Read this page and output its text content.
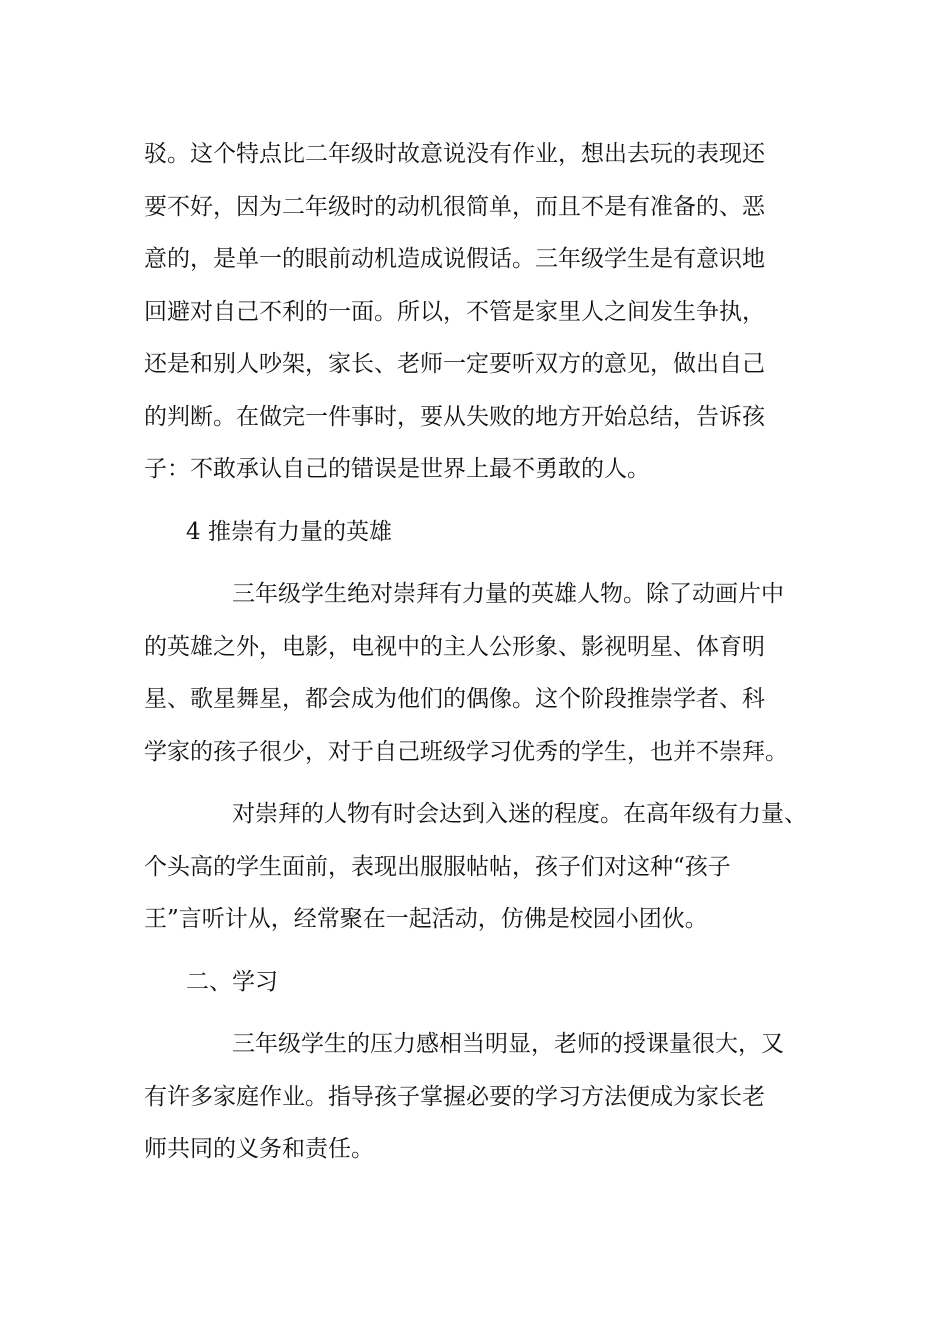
驳。这个特点比二年级时故意说没有作业，想出去玩的表现还
要不好，因为二年级时的动机很简单，而且不是有准备的、恶
意的，是单一的眼前动机造成说假话。三年级学生是有意识地
回避对自己不利的一面。所以，不管是家里人之间发生争执，
还是和别人吵架，家长、老师一定要听双方的意见，做出自己
的判断。在做完一件事时，要从失败的地方开始总结，告诉孩
子：不敢承认自己的错误是世界上最不勇敢的人。
4 推崇有力量的英雄
三年级学生绝对崇拜有力量的英雄人物。除了动画片中
的英雄之外，电影，电视中的主人公形象、影视明星、体育明
星、歌星舞星，都会成为他们的偶像。这个阶段推崇学者、科
学家的孩子很少，对于自己班级学习优秀的学生，也并不崇拜。
对崇拜的人物有时会达到入迷的程度。在高年级有力量、
个头高的学生面前，表现出服服帖帖，孩子们对这种“孩子
王”言听计从，经常聚在一起活动，仿佛是校园小团伙。
二、学习
三年级学生的压力感相当明显，老师的授课量很大，又
有许多家庭作业。指导孩子掌握必要的学习方法便成为家长老
师共同的义务和责任。
